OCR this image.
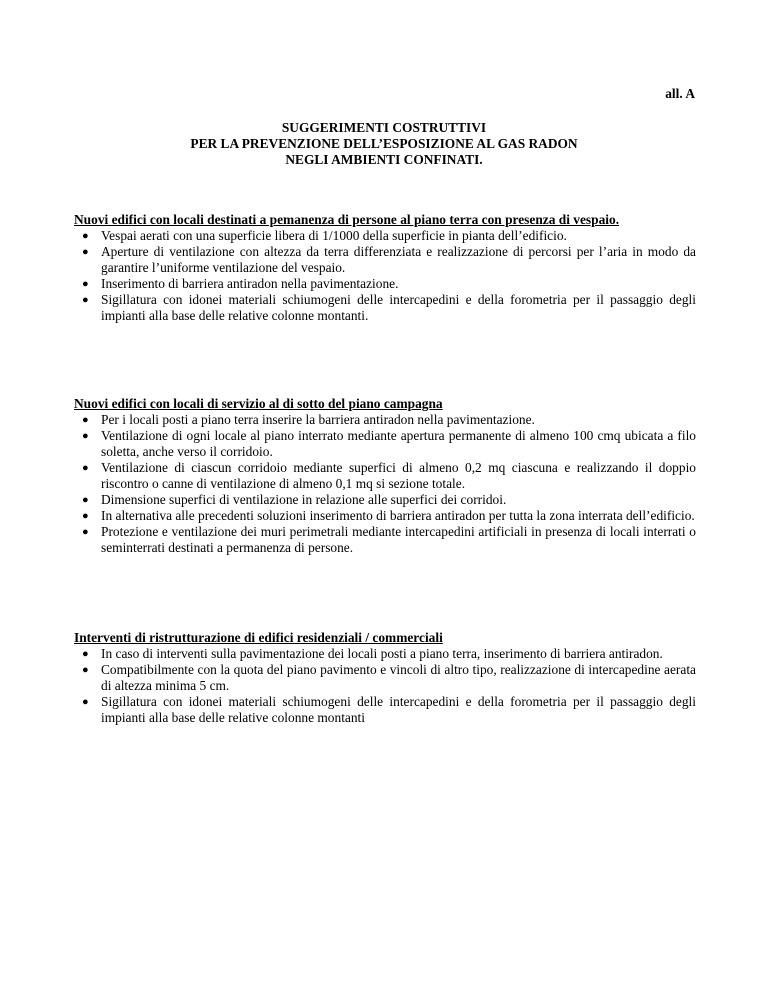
all. A

SUGGERIMENTI COSTRUTTIVI
PER LA PREVENZIONE DELL’ESPOSIZIONE AL GAS RADON
NEGLI AMBIENTI CONFINATI.
Nuovi edifici con locali destinati a pemanenza di persone al piano terra con presenza di vespaio.
● Vespai aerati con una superficie libera di 1/1000 della superficie in pianta dell’edificio.
● Aperture di ventilazione con altezza da terra differenziata e realizzazione di percorsi per l’aria in modo da garantire l’uniforme ventilazione del vespaio.
● Inserimento di barriera antiradon nella pavimentazione.
● Sigillatura con idonei materiali schiumogeni delle intercapedini e della forometria per il passaggio degli impianti alla base delle relative colonne montanti.
Nuovi edifici con locali di servizio al di sotto del piano campagna
● Per i locali posti a piano terra inserire la barriera antiradon nella pavimentazione.
● Ventilazione di ogni locale al piano interrato mediante apertura permanente di almeno 100 cmq ubicata a filo soletta, anche verso il corridoio.
● Ventilazione di ciascun corridoio mediante superfici di almeno 0,2 mq ciascuna e realizzando il doppio riscontro o canne di ventilazione di almeno 0,1 mq si sezione totale.
● Dimensione superfici di ventilazione in relazione alle superfici dei corridoi.
● In alternativa alle precedenti soluzioni inserimento di barriera antiradon per tutta la zona interrata dell’edificio.
● Protezione e ventilazione dei muri perimetrali mediante intercapedini artificiali in presenza di locali interrati o seminterrati destinati a permanenza di persone.
Interventi di ristrutturazione di edifici residenziali / commerciali
● In caso di interventi sulla pavimentazione dei locali posti a piano terra, inserimento di barriera antiradon.
● Compatibilmente con la quota del piano pavimento e vincoli di altro tipo, realizzazione di intercapedine aerata di altezza minima 5 cm.
● Sigillatura con idonei materiali schiumogeni delle intercapedini e della forometria per il passaggio degli impianti alla base delle relative colonne montanti
